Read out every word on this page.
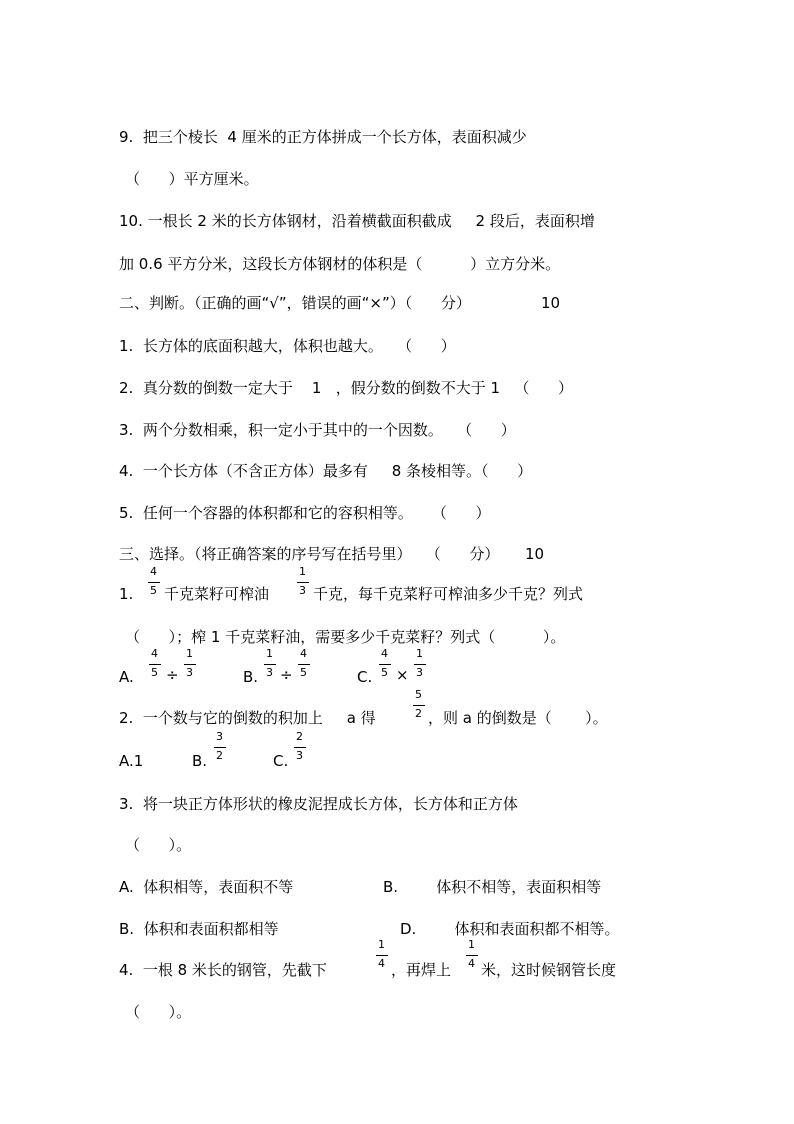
9.  把三个棱长  4 厘米的正方体拼成一个长方体，表面积减少
（      ）平方厘米。
10. 一根长 2 米的长方体钢材，沿着横截面积截成     2 段后，表面积增
加 0.6 平方分米，这段长方体钢材的体积是（          ）立方分米。
二、判断。（正确的画“√”，错误的画“×”）（      分）	10
1.  长方体的底面积越大，体积也越大。   （      ）
2.  真分数的倒数一定大于    1   ，假分数的倒数不大于 1   （      ）
3.  两个分数相乘，积一定小于其中的一个因数。   （      ）
4.  一个长方体（不含正方体）最多有     8 条棱相等。（      ）
5.  任何一个容器的体积都和它的容积相等。    （      ）
三、选择。（将正确答案的序号写在括号里）   （      分） 10
1.
4
5 千克菜籽可榨油
1
3 千克，每千克菜籽可榨油多少千克？列式
（      ）；榨 1 千克菜籽油，需要多少千克菜籽？列式（          ）。
A.
4
5 ÷
1
3	B.
1
3 ÷
4
5	C.
4
5 ×
1
3
2.  一个数与它的倒数的积加上     a 得
5
2 ，则 a 的倒数是（       ）。
A.1	B.
3
2	C.
2
3
3.  将一块正方体形状的橡皮泥捏成长方体，长方体和正方体
（      ）。
A.  体积相等，表面积不等	B.        体积不相等，表面积相等
B.  体积和表面积都相等	D.        体积和表面积都不相等。
4.  一根 8 米长的钢管，先截下
1
4 ，再焊上
1
4 米，这时候钢管长度
（      ）。
